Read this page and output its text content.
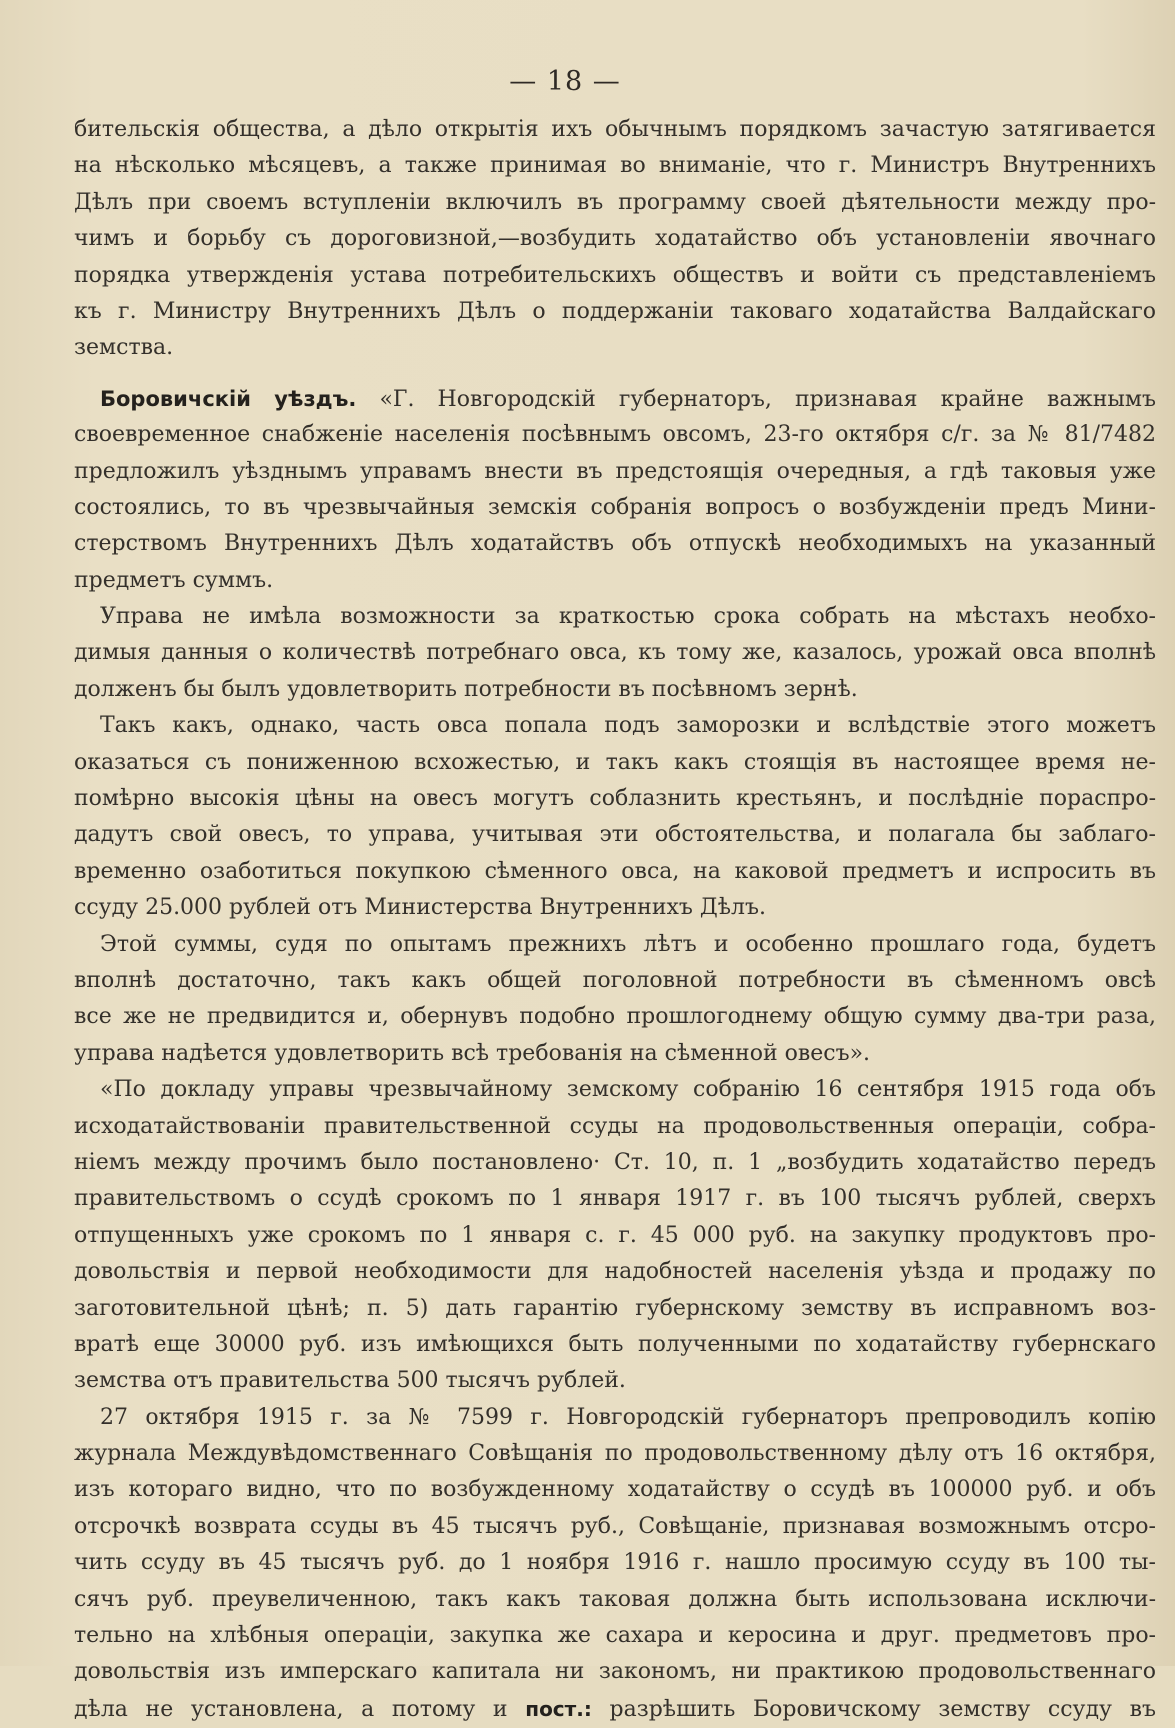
— 18 —
бительскія общества, а дѣло открытія ихъ обычнымъ порядкомъ зачастую затягивается
на нѣсколько мѣсяцевъ, а также принимая во вниманіе, что г. Министръ Внутреннихъ
Дѣлъ при своемъ вступленіи включилъ въ программу своей дѣятельности между про-
чимъ и борьбу съ дороговизной,—возбудить ходатайство объ установленіи явочнаго
порядка утвержденія устава потребительскихъ обществъ и войти съ представленіемъ
къ г. Министру Внутреннихъ Дѣлъ о поддержаніи таковаго ходатайства Валдайскаго
земства.
Боровичскій уѣздъ. «Г. Новгородскій губернаторъ, признавая крайне важнымъ
своевременное снабженіе населенія посѣвнымъ овсомъ, 23-го октября с/г. за № 81/7482
предложилъ уѣзднымъ управамъ внести въ предстоящія очередныя, а гдѣ таковыя уже
состоялись, то въ чрезвычайныя земскія собранія вопросъ о возбужденіи предъ Мини-
стерствомъ Внутреннихъ Дѣлъ ходатайствъ объ отпускѣ необходимыхъ на указанный
предметъ суммъ.
Управа не имѣла возможности за краткостью срока собрать на мѣстахъ необхо-
димыя данныя о количествѣ потребнаго овса, къ тому же, казалось, урожай овса вполнѣ
долженъ бы былъ удовлетворить потребности въ посѣвномъ зернѣ.
Такъ какъ, однако, часть овса попала подъ заморозки и вслѣдствіе этого можетъ
оказаться съ пониженною всхожестью, и такъ какъ стоящія въ настоящее время не-
помѣрно высокія цѣны на овесъ могутъ соблазнить крестьянъ, и послѣдніе пораспро-
дадутъ свой овесъ, то управа, учитывая эти обстоятельства, и полагала бы заблаго-
временно озаботиться покупкою сѣменного овса, на каковой предметъ и испросить въ
ссуду 25.000 рублей отъ Министерства Внутреннихъ Дѣлъ.
Этой суммы, судя по опытамъ прежнихъ лѣтъ и особенно прошлаго года, будетъ
вполнѣ достаточно, такъ какъ общей поголовной потребности въ сѣменномъ овсѣ
все же не предвидится и, обернувъ подобно прошлогоднему общую сумму два-три раза,
управа надѣется удовлетворить всѣ требованія на сѣменной овесъ».
«По докладу управы чрезвычайному земскому собранію 16 сентября 1915 года объ
исходатайствованіи правительственной ссуды на продовольственныя операціи, собра-
ніемъ между прочимъ было постановлено· Ст. 10, п. 1 „возбудить ходатайство передъ
правительствомъ о ссудѣ срокомъ по 1 января 1917 г. въ 100 тысячъ рублей, сверхъ
отпущенныхъ уже срокомъ по 1 января с. г. 45 000 руб. на закупку продуктовъ про-
довольствія и первой необходимости для надобностей населенія уѣзда и продажу по
заготовительной цѣнѣ; п. 5) дать гарантію губернскому земству въ исправномъ воз-
вратѣ еще 30000 руб. изъ имѣющихся быть полученными по ходатайству губернскаго
земства отъ правительства 500 тысячъ рублей.
27 октября 1915 г. за № 7599 г. Новгородскій губернаторъ препроводилъ копію
журнала Междувѣдомственнаго Совѣщанія по продовольственному дѣлу отъ 16 октября,
изъ котораго видно, что по возбужденному ходатайству о ссудѣ въ 100000 руб. и объ
отсрочкѣ возврата ссуды въ 45 тысячъ руб., Совѣщаніе, признавая возможнымъ отсро-
чить ссуду въ 45 тысячъ руб. до 1 ноября 1916 г. нашло просимую ссуду въ 100 ты-
сячъ руб. преувеличенною, такъ какъ таковая должна быть использована исключи-
тельно на хлѣбныя операціи, закупка же сахара и керосина и друг. предметовъ про-
довольствія изъ имперскаго капитала ни закономъ, ни практикою продовольственнаго
дѣла не установлена, а потому и пост.: разрѣшить Боровичскому земству ссуду въ
